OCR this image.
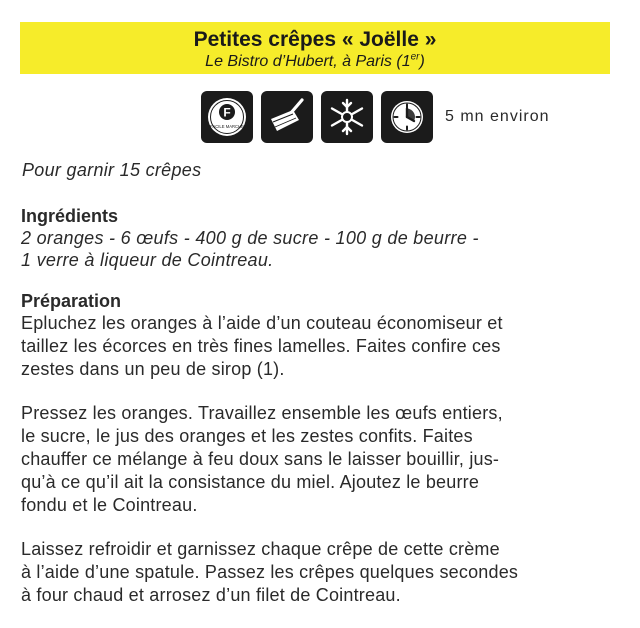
Petites crêpes « Joëlle »
Le Bistro d’Hubert, à Paris (1er)
F
FACILE MARCHE
5 mn environ
Pour garnir 15 crêpes
Ingrédients
2 oranges - 6 œufs - 400 g de sucre - 100 g de beurre -
1 verre à liqueur de Cointreau.
Préparation
Epluchez les oranges à l’aide d’un couteau économiseur et
taillez les écorces en très fines lamelles. Faites confire ces
zestes dans un peu de sirop (1).
Pressez les oranges. Travaillez ensemble les œufs entiers,
le sucre, le jus des oranges et les zestes confits. Faites
chauffer ce mélange à feu doux sans le laisser bouillir, jus-
qu’à ce qu’il ait la consistance du miel. Ajoutez le beurre
fondu et le Cointreau.
Laissez refroidir et garnissez chaque crêpe de cette crème
à l’aide d’une spatule. Passez les crêpes quelques secondes
à four chaud et arrosez d’un filet de Cointreau.
